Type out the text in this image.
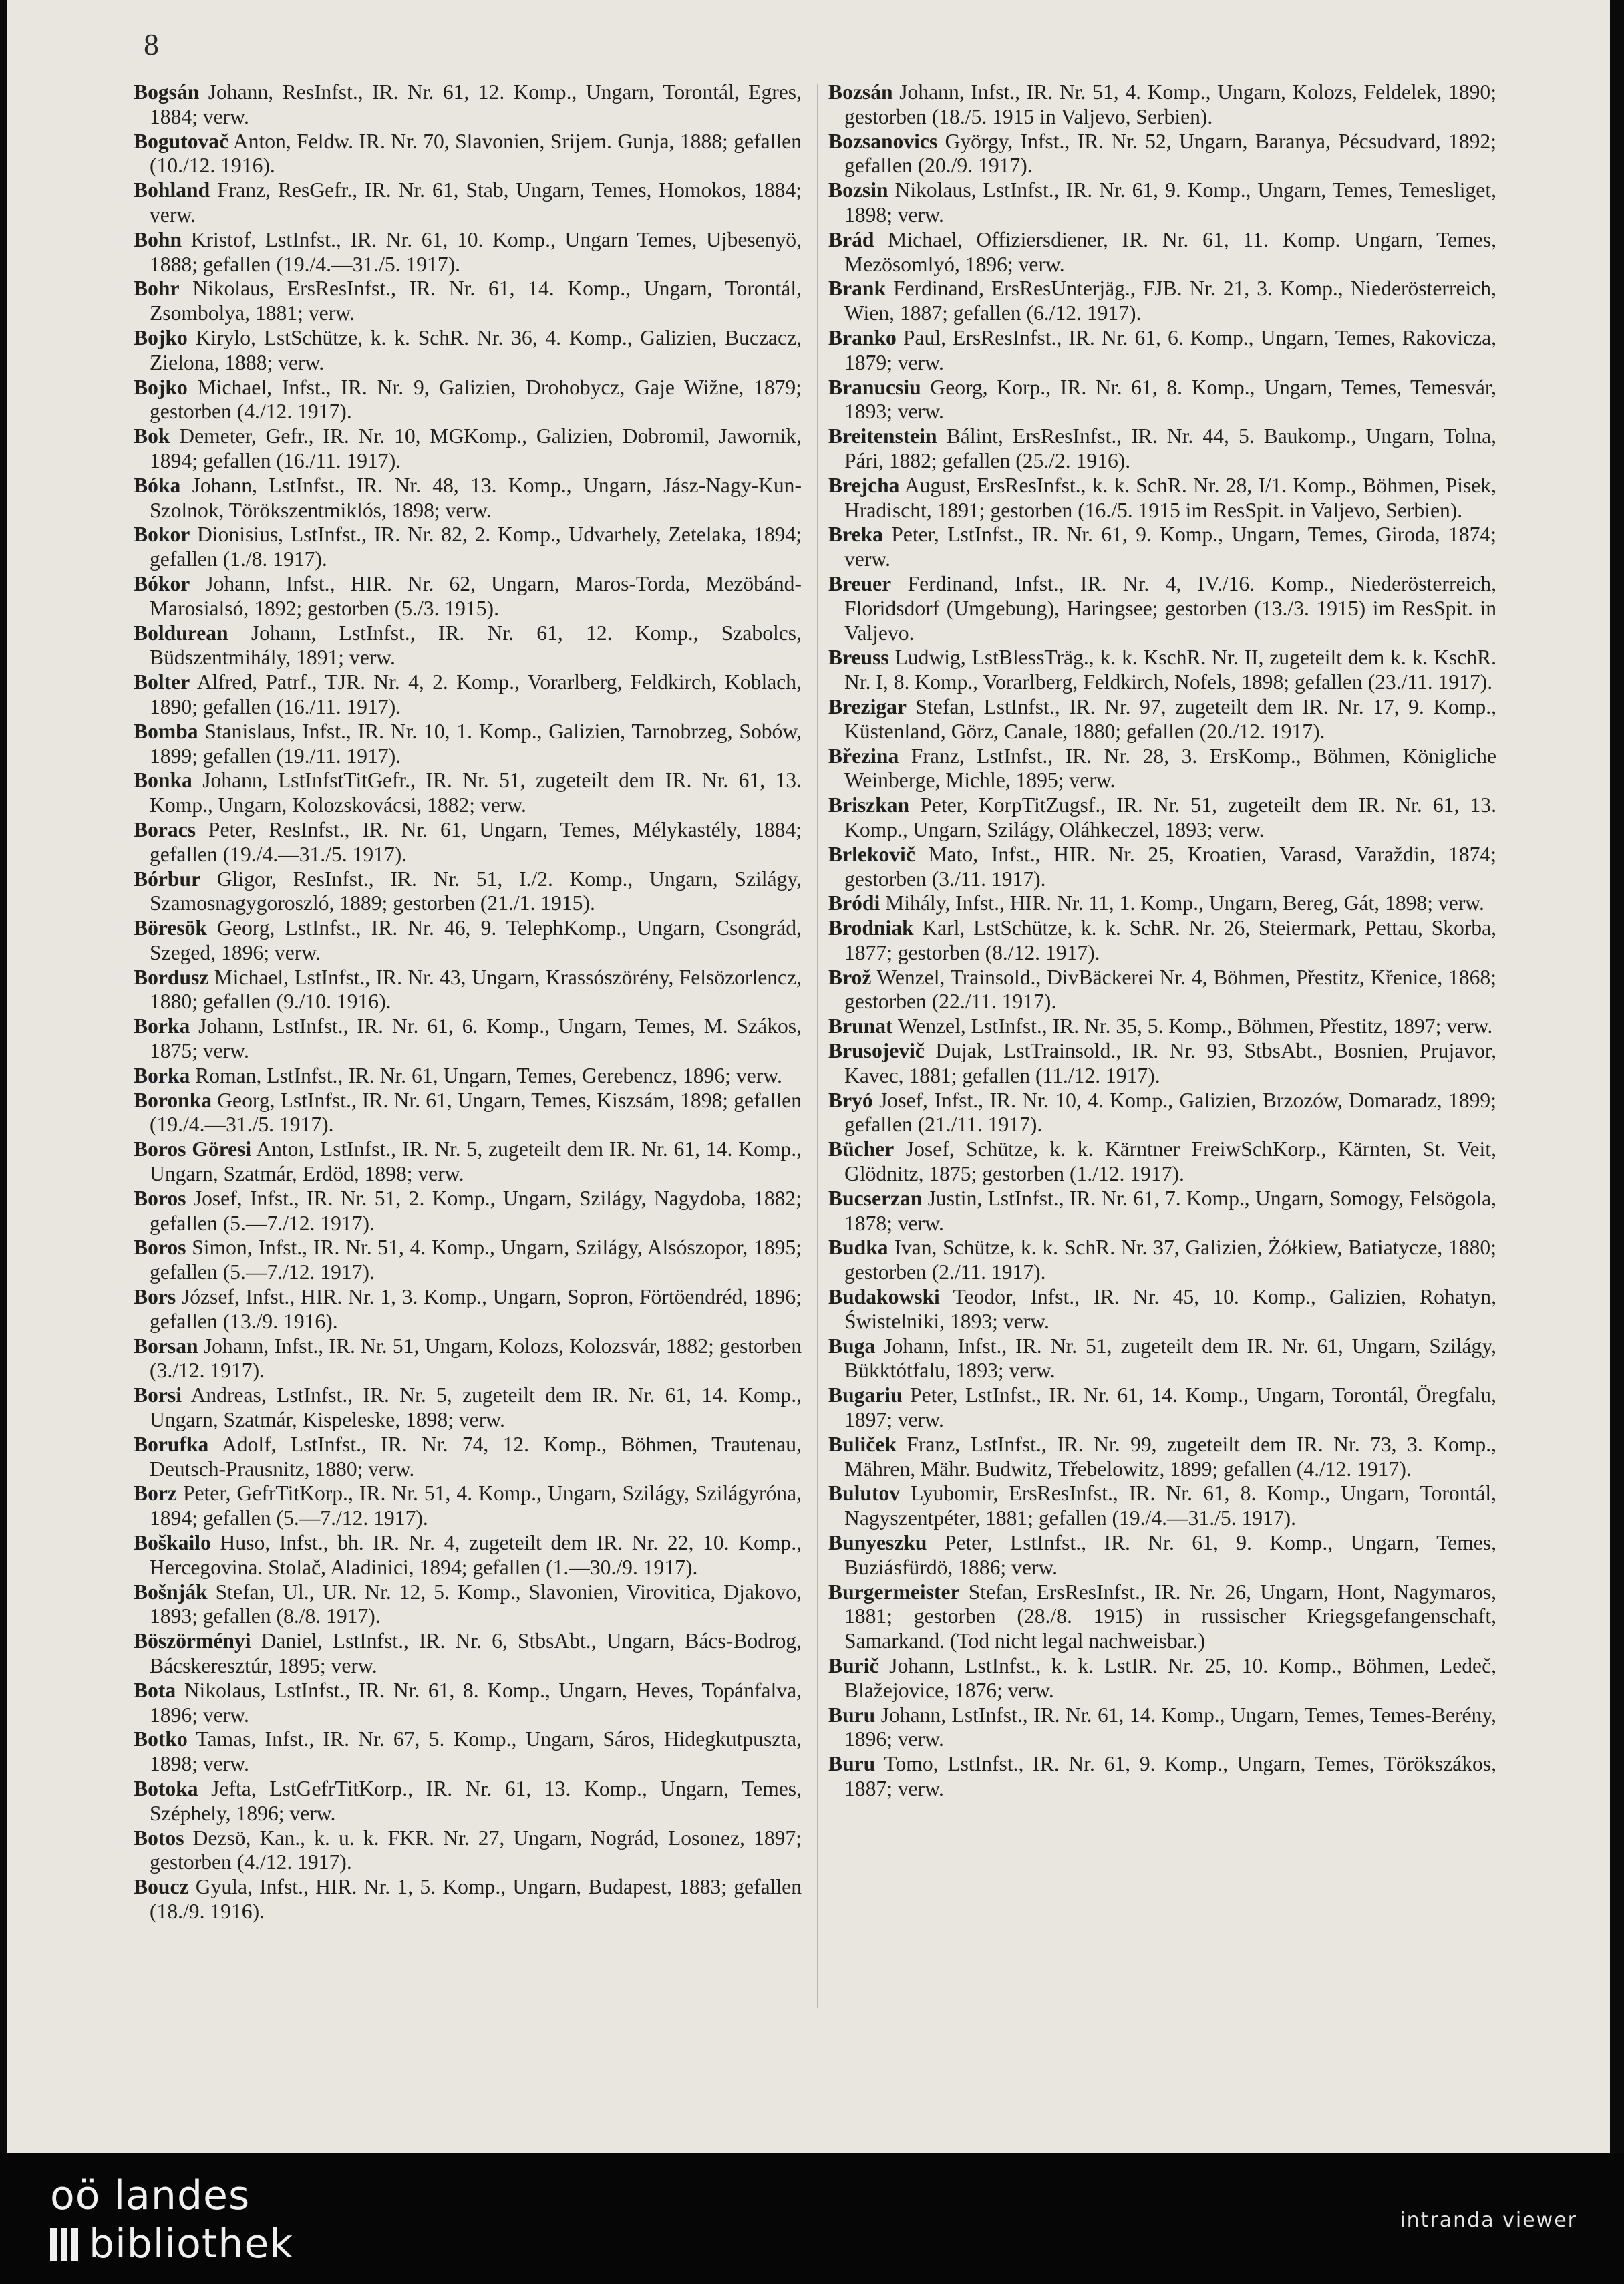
8

Bogsán Johann, ResInfst., IR. Nr. 61, 12. Komp., Ungarn, Torontál, Egres, 1884; verw.

Bogutovač Anton, Feldw. IR. Nr. 70, Slavonien, Srijem. Gunja, 1888; gefallen (10./12. 1916).

Bohland Franz, ResGefr., IR. Nr. 61, Stab, Ungarn, Temes, Homokos, 1884; verw.

Bohn Kristof, LstInfst., IR. Nr. 61, 10. Komp., Ungarn Temes, Ujbesenyö, 1888; gefallen (19./4.—31./5. 1917).

Bohr Nikolaus, ErsResInfst., IR. Nr. 61, 14. Komp., Ungarn, Torontál, Zsombolya, 1881; verw.

Bojko Kirylo, LstSchütze, k. k. SchR. Nr. 36, 4. Komp., Galizien, Buczacz, Zielona, 1888; verw.

Bojko Michael, Infst., IR. Nr. 9, Galizien, Drohobycz, Gaje Wižne, 1879; gestorben (4./12. 1917).

Bok Demeter, Gefr., IR. Nr. 10, MGKomp., Galizien, Dobromil, Jawornik, 1894; gefallen (16./11. 1917).

Bóka Johann, LstInfst., IR. Nr. 48, 13. Komp., Ungarn, Jász-Nagy-Kun-Szolnok, Törökszentmiklós, 1898; verw.

Bokor Dionisius, LstInfst., IR. Nr. 82, 2. Komp., Udvarhely, Zetelaka, 1894; gefallen (1./8. 1917).

Bókor Johann, Infst., HIR. Nr. 62, Ungarn, Maros-Torda, Mezöbánd-Marosialsó, 1892; gestorben (5./3. 1915).

Boldurean Johann, LstInfst., IR. Nr. 61, 12. Komp., Szabolcs, Büdszentmihály, 1891; verw.

Bolter Alfred, Patrf., TJR. Nr. 4, 2. Komp., Vorarlberg, Feldkirch, Koblach, 1890; gefallen (16./11. 1917).

Bomba Stanislaus, Infst., IR. Nr. 10, 1. Komp., Galizien, Tarnobrzeg, Sobów, 1899; gefallen (19./11. 1917).

Bonka Johann, LstInfstTitGefr., IR. Nr. 51, zugeteilt dem IR. Nr. 61, 13. Komp., Ungarn, Kolozskovácsi, 1882; verw.

Boracs Peter, ResInfst., IR. Nr. 61, Ungarn, Temes, Mélykastély, 1884; gefallen (19./4.—31./5. 1917).

Bórbur Gligor, ResInfst., IR. Nr. 51, I./2. Komp., Ungarn, Szilágy, Szamosnagygoroszló, 1889; gestorben (21./1. 1915).

Böresök Georg, LstInfst., IR. Nr. 46, 9. TelephKomp., Ungarn, Csongrád, Szeged, 1896; verw.

Bordusz Michael, LstInfst., IR. Nr. 43, Ungarn, Krassószörény, Felsözorlencz, 1880; gefallen (9./10. 1916).

Borka Johann, LstInfst., IR. Nr. 61, 6. Komp., Ungarn, Temes, M. Szákos, 1875; verw.

Borka Roman, LstInfst., IR. Nr. 61, Ungarn, Temes, Gerebencz, 1896; verw.

Boronka Georg, LstInfst., IR. Nr. 61, Ungarn, Temes, Kiszsám, 1898; gefallen (19./4.—31./5. 1917).

Boros Göresi Anton, LstInfst., IR. Nr. 5, zugeteilt dem IR. Nr. 61, 14. Komp., Ungarn, Szatmár, Erdöd, 1898; verw.

Boros Josef, Infst., IR. Nr. 51, 2. Komp., Ungarn, Szilágy, Nagydoba, 1882; gefallen (5.—7./12. 1917).

Boros Simon, Infst., IR. Nr. 51, 4. Komp., Ungarn, Szilágy, Alsószopor, 1895; gefallen (5.—7./12. 1917).

Bors József, Infst., HIR. Nr. 1, 3. Komp., Ungarn, Sopron, Förtöendréd, 1896; gefallen (13./9. 1916).

Borsan Johann, Infst., IR. Nr. 51, Ungarn, Kolozs, Kolozsvár, 1882; gestorben (3./12. 1917).

Borsi Andreas, LstInfst., IR. Nr. 5, zugeteilt dem IR. Nr. 61, 14. Komp., Ungarn, Szatmár, Kispeleske, 1898; verw.

Borufka Adolf, LstInfst., IR. Nr. 74, 12. Komp., Böhmen, Trautenau, Deutsch-Prausnitz, 1880; verw.

Borz Peter, GefrTitKorp., IR. Nr. 51, 4. Komp., Ungarn, Szilágy, Szilágyróna, 1894; gefallen (5.—7./12. 1917).

Boškailo Huso, Infst., bh. IR. Nr. 4, zugeteilt dem IR. Nr. 22, 10. Komp., Hercegovina. Stolač, Aladinici, 1894; gefallen (1.—30./9. 1917).

Bošnják Stefan, Ul., UR. Nr. 12, 5. Komp., Slavonien, Virovitica, Djakovo, 1893; gefallen (8./8. 1917).

Böszörményi Daniel, LstInfst., IR. Nr. 6, StbsAbt., Ungarn, Bács-Bodrog, Bácskeresztúr, 1895; verw.

Bota Nikolaus, LstInfst., IR. Nr. 61, 8. Komp., Ungarn, Heves, Topánfalva, 1896; verw.

Botko Tamas, Infst., IR. Nr. 67, 5. Komp., Ungarn, Sáros, Hidegkutpuszta, 1898; verw.

Botoka Jefta, LstGefrTitKorp., IR. Nr. 61, 13. Komp., Ungarn, Temes, Széphely, 1896; verw.

Botos Dezsö, Kan., k. u. k. FKR. Nr. 27, Ungarn, Nográd, Losonez, 1897; gestorben (4./12. 1917).

Boucz Gyula, Infst., HIR. Nr. 1, 5. Komp., Ungarn, Budapest, 1883; gefallen (18./9. 1916).

Bozsán Johann, Infst., IR. Nr. 51, 4. Komp., Ungarn, Kolozs, Feldelek, 1890; gestorben (18./5. 1915 in Valjevo, Serbien).

Bozsanovics György, Infst., IR. Nr. 52, Ungarn, Baranya, Pécsudvard, 1892; gefallen (20./9. 1917).

Bozsin Nikolaus, LstInfst., IR. Nr. 61, 9. Komp., Ungarn, Temes, Temesliget, 1898; verw.

Brád Michael, Offiziersdiener, IR. Nr. 61, 11. Komp. Ungarn, Temes, Mezösomlyó, 1896; verw.

Brank Ferdinand, ErsResUnterjäg., FJB. Nr. 21, 3. Komp., Niederösterreich, Wien, 1887; gefallen (6./12. 1917).

Branko Paul, ErsResInfst., IR. Nr. 61, 6. Komp., Ungarn, Temes, Rakovicza, 1879; verw.

Branucsiu Georg, Korp., IR. Nr. 61, 8. Komp., Ungarn, Temes, Temesvár, 1893; verw.

Breitenstein Bálint, ErsResInfst., IR. Nr. 44, 5. Baukomp., Ungarn, Tolna, Pári, 1882; gefallen (25./2. 1916).

Brejcha August, ErsResInfst., k. k. SchR. Nr. 28, I/1. Komp., Böhmen, Pisek, Hradischt, 1891; gestorben (16./5. 1915 im ResSpit. in Valjevo, Serbien).

Breka Peter, LstInfst., IR. Nr. 61, 9. Komp., Ungarn, Temes, Giroda, 1874; verw.

Breuer Ferdinand, Infst., IR. Nr. 4, IV./16. Komp., Niederösterreich, Floridsdorf (Umgebung), Haringsee; gestorben (13./3. 1915) im ResSpit. in Valjevo.

Breuss Ludwig, LstBlessTräg., k. k. KschR. Nr. II, zugeteilt dem k. k. KschR. Nr. I, 8. Komp., Vorarlberg, Feldkirch, Nofels, 1898; gefallen (23./11. 1917).

Brezigar Stefan, LstInfst., IR. Nr. 97, zugeteilt dem IR. Nr. 17, 9. Komp., Küstenland, Görz, Canale, 1880; gefallen (20./12. 1917).

Březina Franz, LstInfst., IR. Nr. 28, 3. ErsKomp., Böhmen, Königliche Weinberge, Michle, 1895; verw.

Briszkan Peter, KorpTitZugsf., IR. Nr. 51, zugeteilt dem IR. Nr. 61, 13. Komp., Ungarn, Szilágy, Oláhkeczel, 1893; verw.

Brlekovič Mato, Infst., HIR. Nr. 25, Kroatien, Varasd, Varaždin, 1874; gestorben (3./11. 1917).

Bródi Mihály, Infst., HIR. Nr. 11, 1. Komp., Ungarn, Bereg, Gát, 1898; verw.

Brodniak Karl, LstSchütze, k. k. SchR. Nr. 26, Steiermark, Pettau, Skorba, 1877; gestorben (8./12. 1917).

Brož Wenzel, Trainsold., DivBäckerei Nr. 4, Böhmen, Přestitz, Křenice, 1868; gestorben (22./11. 1917).

Brunat Wenzel, LstInfst., IR. Nr. 35, 5. Komp., Böhmen, Přestitz, 1897; verw.

Brusojevič Dujak, LstTrainsold., IR. Nr. 93, StbsAbt., Bosnien, Prujavor, Kavec, 1881; gefallen (11./12. 1917).

Bryó Josef, Infst., IR. Nr. 10, 4. Komp., Galizien, Brzozów, Domaradz, 1899; gefallen (21./11. 1917).

Bücher Josef, Schütze, k. k. Kärntner FreiwSchKorp., Kärnten, St. Veit, Glödnitz, 1875; gestorben (1./12. 1917).

Bucserzan Justin, LstInfst., IR. Nr. 61, 7. Komp., Ungarn, Somogy, Felsögola, 1878; verw.

Budka Ivan, Schütze, k. k. SchR. Nr. 37, Galizien, Żółkiew, Batiatycze, 1880; gestorben (2./11. 1917).

Budakowski Teodor, Infst., IR. Nr. 45, 10. Komp., Galizien, Rohatyn, Świstelniki, 1893; verw.

Buga Johann, Infst., IR. Nr. 51, zugeteilt dem IR. Nr. 61, Ungarn, Szilágy, Bükktótfalu, 1893; verw.

Bugariu Peter, LstInfst., IR. Nr. 61, 14. Komp., Ungarn, Torontál, Öregfalu, 1897; verw.

Buliček Franz, LstInfst., IR. Nr. 99, zugeteilt dem IR. Nr. 73, 3. Komp., Mähren, Mähr. Budwitz, Třebelowitz, 1899; gefallen (4./12. 1917).

Bulutov Lyubomir, ErsResInfst., IR. Nr. 61, 8. Komp., Ungarn, Torontál, Nagyszentpéter, 1881; gefallen (19./4.—31./5. 1917).

Bunyeszku Peter, LstInfst., IR. Nr. 61, 9. Komp., Ungarn, Temes, Buziásfürdö, 1886; verw.

Burgermeister Stefan, ErsResInfst., IR. Nr. 26, Ungarn, Hont, Nagymaros, 1881; gestorben (28./8. 1915) in russischer Kriegsgefangenschaft, Samarkand. (Tod nicht legal nachweisbar.)

Burič Johann, LstInfst., k. k. LstIR. Nr. 25, 10. Komp., Böhmen, Ledeč, Blažejovice, 1876; verw.

Buru Johann, LstInfst., IR. Nr. 61, 14. Komp., Ungarn, Temes, Temes-Berény, 1896; verw.

Buru Tomo, LstInfst., IR. Nr. 61, 9. Komp., Ungarn, Temes, Törökszákos, 1887; verw.

oö landes
bibliothek
intranda viewer
